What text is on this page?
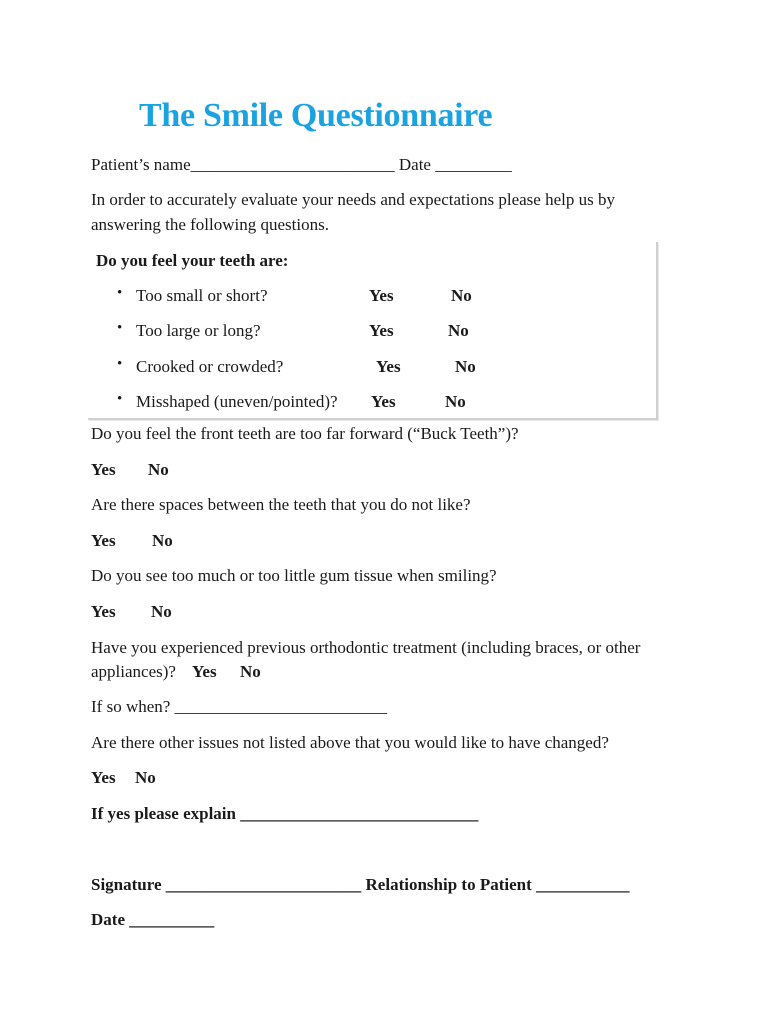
The Smile Questionnaire
Patient’s name________________________ Date _________
In order to accurately evaluate your needs and expectations please help us by
answering the following questions.
Do you feel your teeth are:
• Too small or short?	Yes	No
• Too large or long?	Yes	No
• Crooked or crowded?	Yes	No
• Misshaped (uneven/pointed)? Yes	No
Do you feel the front teeth are too far forward (“Buck Teeth”)?
Yes No
Are there spaces between the teeth that you do not like?
Yes No
Do you see too much or too little gum tissue when smiling?
Yes No
Have you experienced previous orthodontic treatment (including braces, or other
appliances)? Yes No
If so when? _________________________
Are there other issues not listed above that you would like to have changed?
Yes No
If yes please explain ____________________________
Signature _______________________ Relationship to Patient ___________
Date __________
